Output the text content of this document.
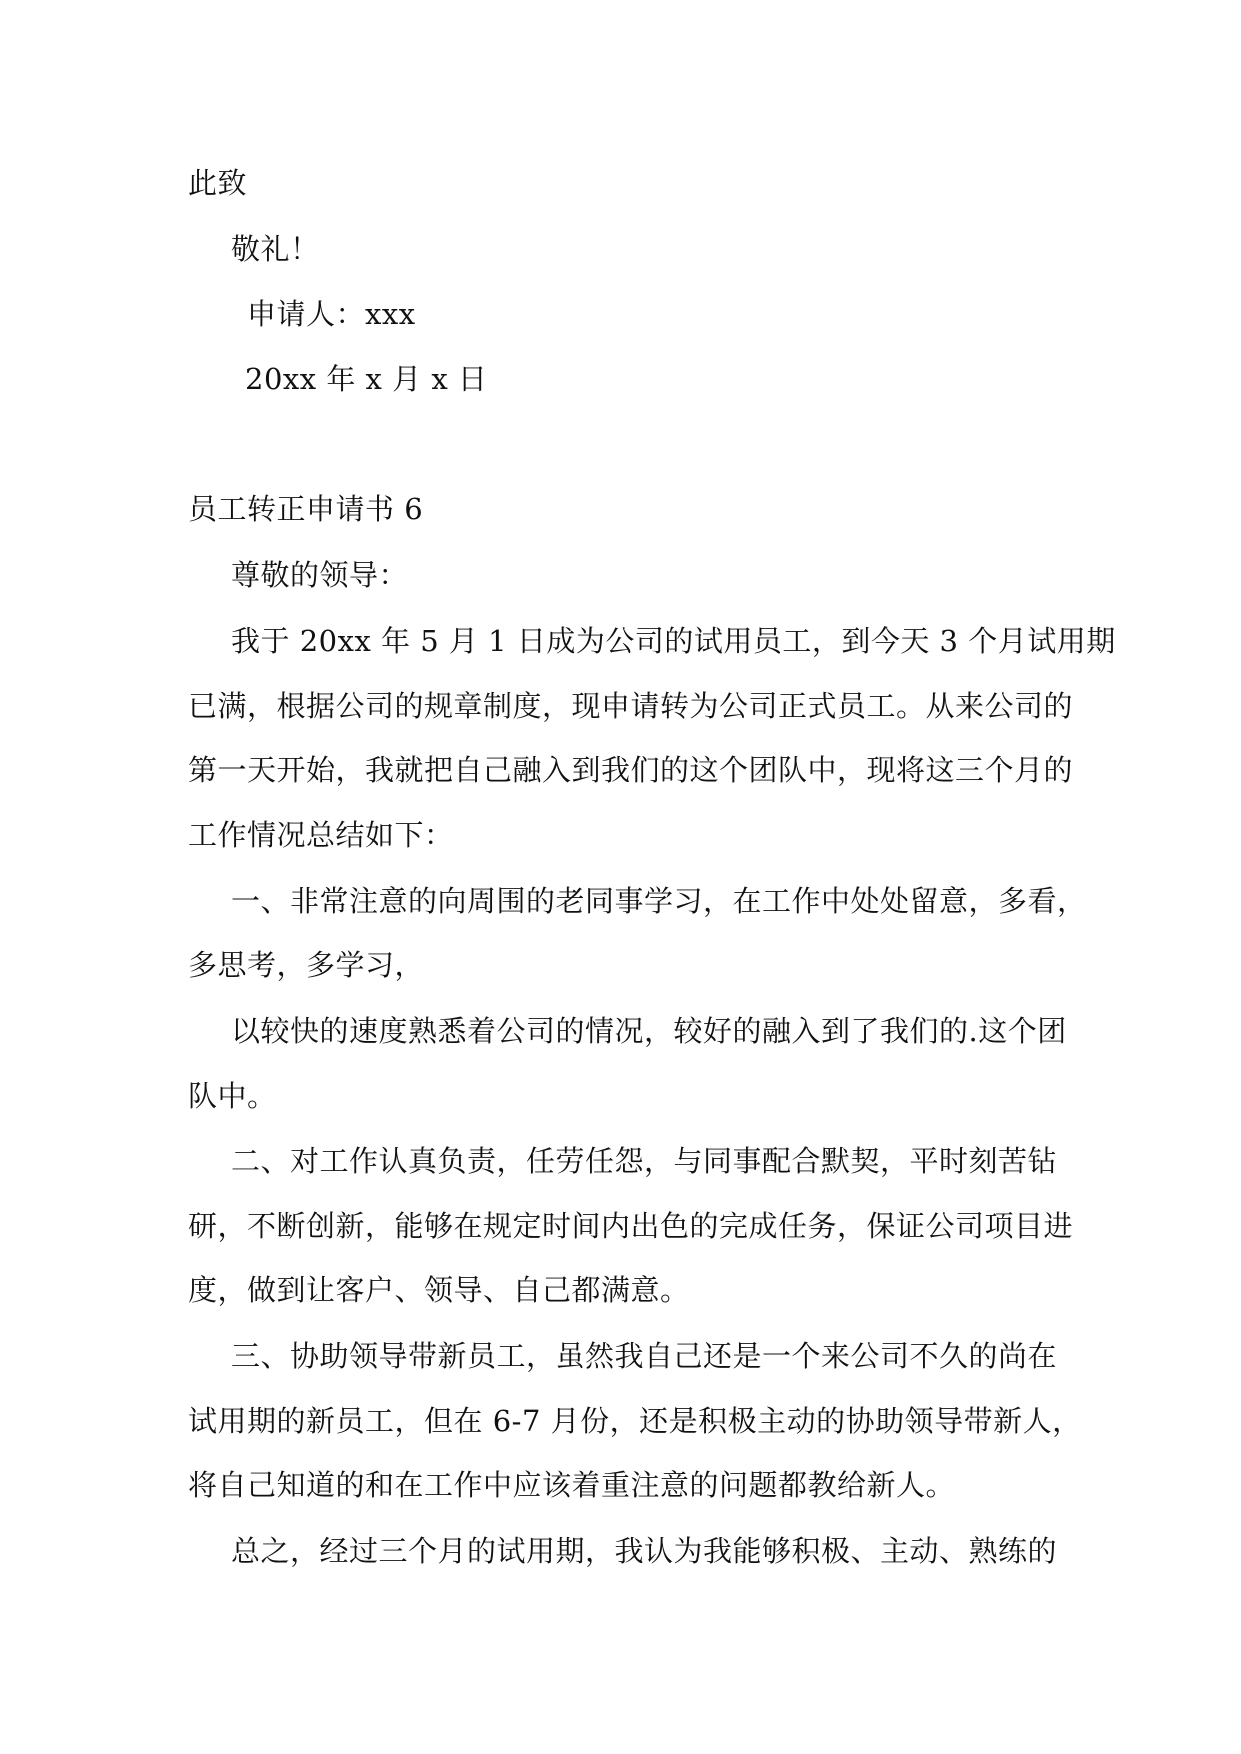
此致
敬礼！
申请人：xxx
20xx 年 x 月 x 日
员工转正申请书 6
尊敬的领导：
我于 20xx 年 5 月 1 日成为公司的试用员工，到今天 3 个月试用期
已满，根据公司的规章制度，现申请转为公司正式员工。从来公司的
第一天开始，我就把自己融入到我们的这个团队中，现将这三个月的
工作情况总结如下：
一、非常注意的向周围的老同事学习，在工作中处处留意，多看，
多思考，多学习，
以较快的速度熟悉着公司的情况，较好的融入到了我们的.这个团
队中。
二、对工作认真负责，任劳任怨，与同事配合默契，平时刻苦钻
研，不断创新，能够在规定时间内出色的完成任务，保证公司项目进
度，做到让客户、领导、自己都满意。
三、协助领导带新员工，虽然我自己还是一个来公司不久的尚在
试用期的新员工，但在 6-7 月份，还是积极主动的协助领导带新人，
将自己知道的和在工作中应该着重注意的问题都教给新人。
总之，经过三个月的试用期，我认为我能够积极、主动、熟练的
